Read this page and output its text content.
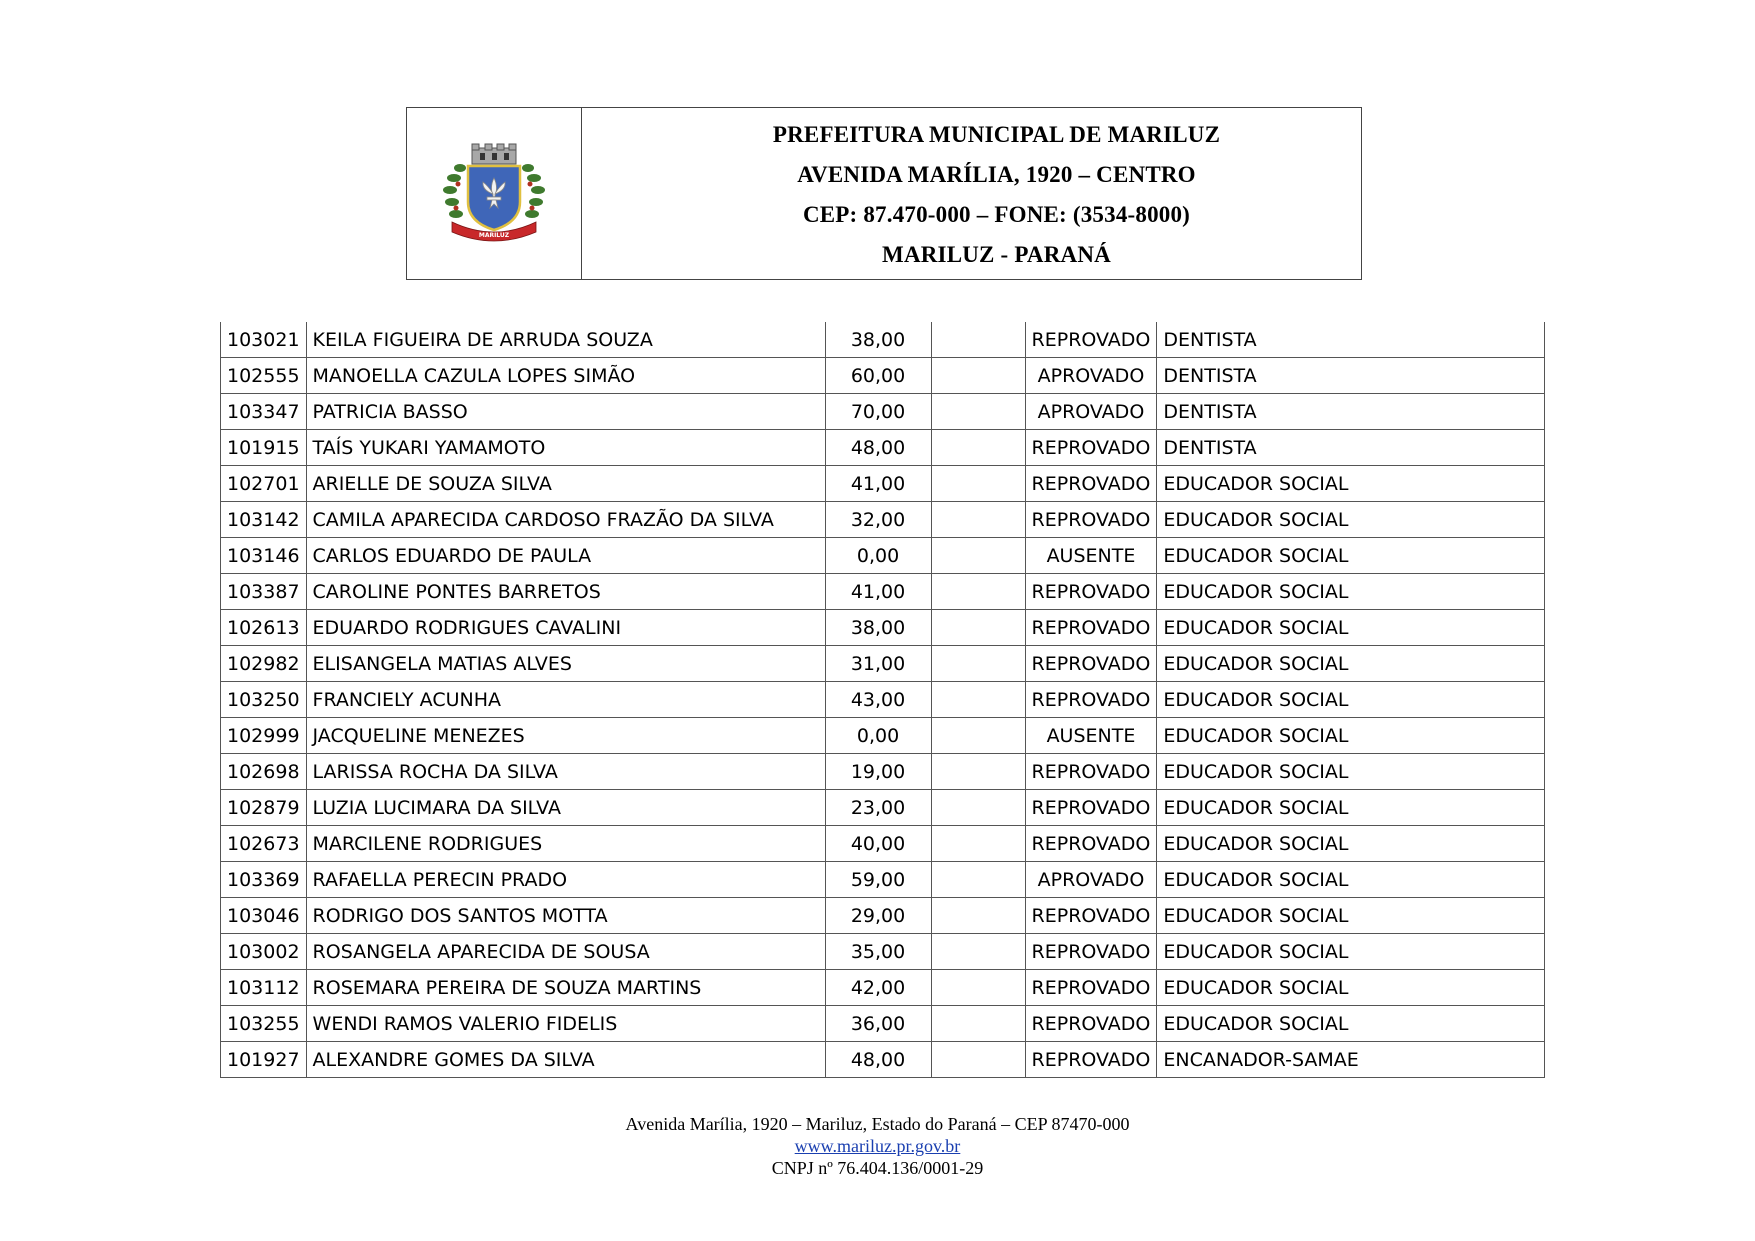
MARILUZ
PREFEITURA MUNICIPAL DE MARILUZ
AVENIDA MARÍLIA, 1920 – CENTRO
CEP: 87.470-000 – FONE: (3534-8000)
MARILUZ - PARANÁ
103021	KEILA FIGUEIRA DE ARRUDA SOUZA	38,00		REPROVADO	DENTISTA
102555	MANOELLA CAZULA LOPES SIMÃO	60,00		APROVADO	DENTISTA
103347	PATRICIA BASSO	70,00		APROVADO	DENTISTA
101915	TAÍS YUKARI YAMAMOTO	48,00		REPROVADO	DENTISTA
102701	ARIELLE DE SOUZA SILVA	41,00		REPROVADO	EDUCADOR SOCIAL
103142	CAMILA APARECIDA CARDOSO FRAZÃO DA SILVA	32,00		REPROVADO	EDUCADOR SOCIAL
103146	CARLOS EDUARDO DE PAULA	0,00		AUSENTE	EDUCADOR SOCIAL
103387	CAROLINE PONTES BARRETOS	41,00		REPROVADO	EDUCADOR SOCIAL
102613	EDUARDO RODRIGUES CAVALINI	38,00		REPROVADO	EDUCADOR SOCIAL
102982	ELISANGELA MATIAS ALVES	31,00		REPROVADO	EDUCADOR SOCIAL
103250	FRANCIELY ACUNHA	43,00		REPROVADO	EDUCADOR SOCIAL
102999	JACQUELINE MENEZES	0,00		AUSENTE	EDUCADOR SOCIAL
102698	LARISSA ROCHA DA SILVA	19,00		REPROVADO	EDUCADOR SOCIAL
102879	LUZIA LUCIMARA DA SILVA	23,00		REPROVADO	EDUCADOR SOCIAL
102673	MARCILENE RODRIGUES	40,00		REPROVADO	EDUCADOR SOCIAL
103369	RAFAELLA PERECIN PRADO	59,00		APROVADO	EDUCADOR SOCIAL
103046	RODRIGO DOS SANTOS MOTTA	29,00		REPROVADO	EDUCADOR SOCIAL
103002	ROSANGELA APARECIDA DE SOUSA	35,00		REPROVADO	EDUCADOR SOCIAL
103112	ROSEMARA PEREIRA DE SOUZA MARTINS	42,00		REPROVADO	EDUCADOR SOCIAL
103255	WENDI RAMOS VALERIO FIDELIS	36,00		REPROVADO	EDUCADOR SOCIAL
101927	ALEXANDRE GOMES DA SILVA	48,00		REPROVADO	ENCANADOR-SAMAE
Avenida Marília, 1920 – Mariluz, Estado do Paraná – CEP 87470-000
www.mariluz.pr.gov.br
CNPJ nº 76.404.136/0001-29
